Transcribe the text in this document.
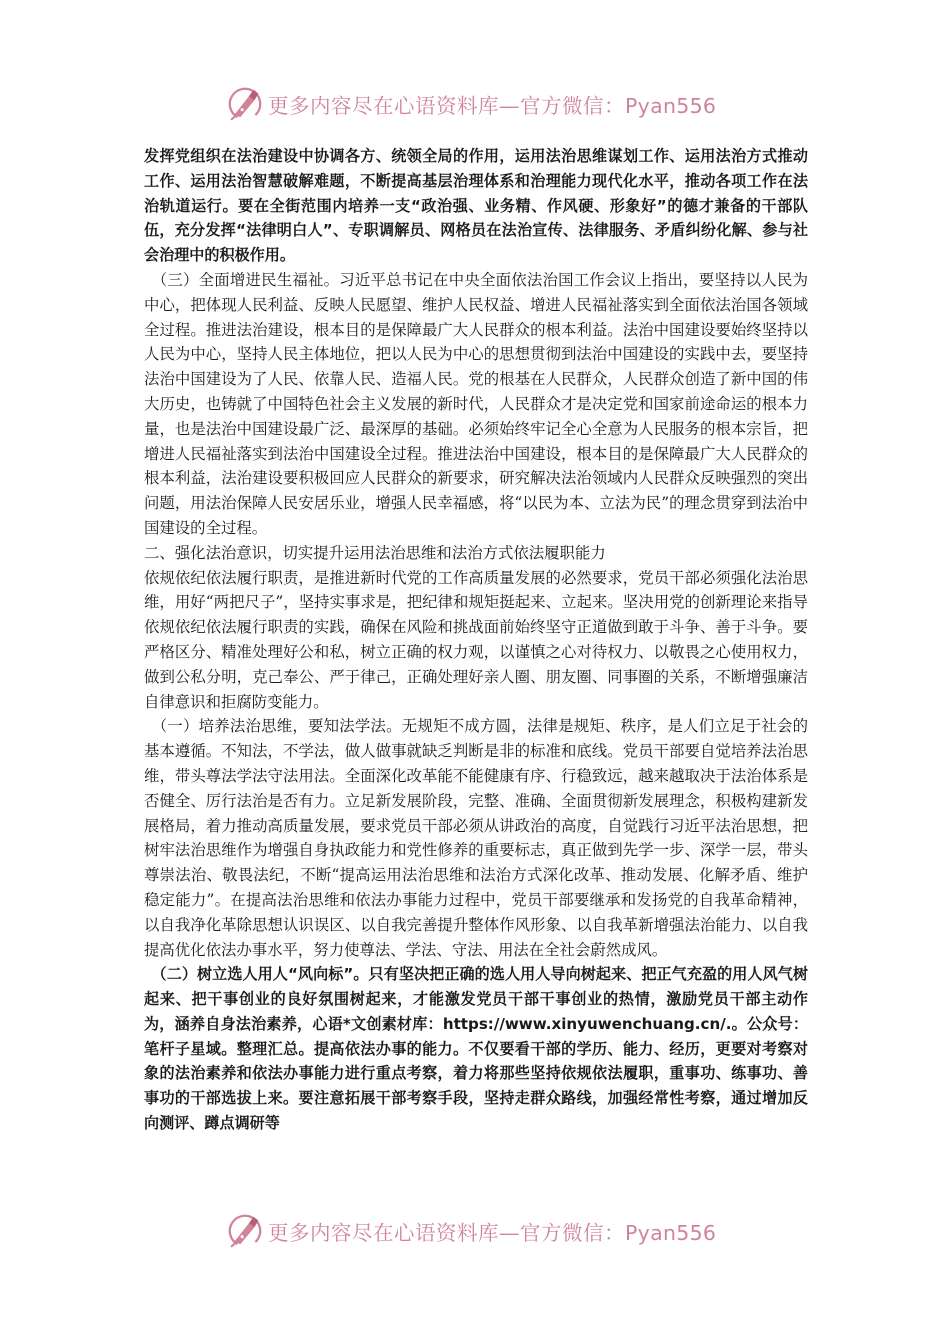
更多内容尽在心语资料库—官方微信：Pyan556

发挥党组织在法治建设中协调各方、统领全局的作用，运用法治思维谋划工作、运用法治方式推动工作、运用法治智慧破解难题，不断提高基层治理体系和治理能力现代化水平，推动各项工作在法治轨道运行。要在全街范围内培养一支“政治强、业务精、作风硬、形象好”的德才兼备的干部队伍，充分发挥“法律明白人”、专职调解员、网格员在法治宣传、法律服务、矛盾纠纷化解、参与社会治理中的积极作用。

（三）全面增进民生福祉。习近平总书记在中央全面依法治国工作会议上指出，要坚持以人民为中心，把体现人民利益、反映人民愿望、维护人民权益、增进人民福祉落实到全面依法治国各领域全过程。推进法治建设，根本目的是保障最广大人民群众的根本利益。法治中国建设要始终坚持以人民为中心，坚持人民主体地位，把以人民为中心的思想贯彻到法治中国建设的实践中去，要坚持法治中国建设为了人民、依靠人民、造福人民。党的根基在人民群众，人民群众创造了新中国的伟大历史，也铸就了中国特色社会主义发展的新时代，人民群众才是决定党和国家前途命运的根本力量，也是法治中国建设最广泛、最深厚的基础。必须始终牢记全心全意为人民服务的根本宗旨，把增进人民福祉落实到法治中国建设全过程。推进法治中国建设，根本目的是保障最广大人民群众的根本利益，法治建设要积极回应人民群众的新要求，研究解决法治领域内人民群众反映强烈的突出问题，用法治保障人民安居乐业，增强人民幸福感，将“以民为本、立法为民”的理念贯穿到法治中国建设的全过程。

二、强化法治意识，切实提升运用法治思维和法治方式依法履职能力

依规依纪依法履行职责，是推进新时代党的工作高质量发展的必然要求，党员干部必须强化法治思维，用好“两把尺子”，坚持实事求是，把纪律和规矩挺起来、立起来。坚决用党的创新理论来指导依规依纪依法履行职责的实践，确保在风险和挑战面前始终坚守正道做到敢于斗争、善于斗争。要严格区分、精准处理好公和私，树立正确的权力观，以谨慎之心对待权力、以敬畏之心使用权力，做到公私分明，克己奉公、严于律己，正确处理好亲人圈、朋友圈、同事圈的关系，不断增强廉洁自律意识和拒腐防变能力。

（一）培养法治思维，要知法学法。无规矩不成方圆，法律是规矩、秩序，是人们立足于社会的基本遵循。不知法，不学法，做人做事就缺乏判断是非的标准和底线。党员干部要自觉培养法治思维，带头尊法学法守法用法。全面深化改革能不能健康有序、行稳致远，越来越取决于法治体系是否健全、厉行法治是否有力。立足新发展阶段，完整、准确、全面贯彻新发展理念，积极构建新发展格局，着力推动高质量发展，要求党员干部必须从讲政治的高度，自觉践行习近平法治思想，把树牢法治思维作为增强自身执政能力和党性修养的重要标志，真正做到先学一步、深学一层，带头尊崇法治、敬畏法纪，不断“提高运用法治思维和法治方式深化改革、推动发展、化解矛盾、维护稳定能力”。在提高法治思维和依法办事能力过程中，党员干部要继承和发扬党的自我革命精神，以自我净化革除思想认识误区、以自我完善提升整体作风形象、以自我革新增强法治能力、以自我提高优化依法办事水平，努力使尊法、学法、守法、用法在全社会蔚然成风。

（二）树立选人用人“风向标”。只有坚决把正确的选人用人导向树起来、把正气充盈的用人风气树起来、把干事创业的良好氛围树起来，才能激发党员干部干事创业的热情，激励党员干部主动作为，涵养自身法治素养，心语*文创素材库：https://www.xinyuwenchuang.cn/.。公众号：笔杆子星域。整理汇总。提高依法办事的能力。不仅要看干部的学历、能力、经历，更要对考察对象的法治素养和依法办事能力进行重点考察，着力将那些坚持依规依法履职，重事功、练事功、善事功的干部选拔上来。要注意拓展干部考察手段，坚持走群众路线，加强经常性考察，通过增加反向测评、蹲点调研等

更多内容尽在心语资料库—官方微信：Pyan556
